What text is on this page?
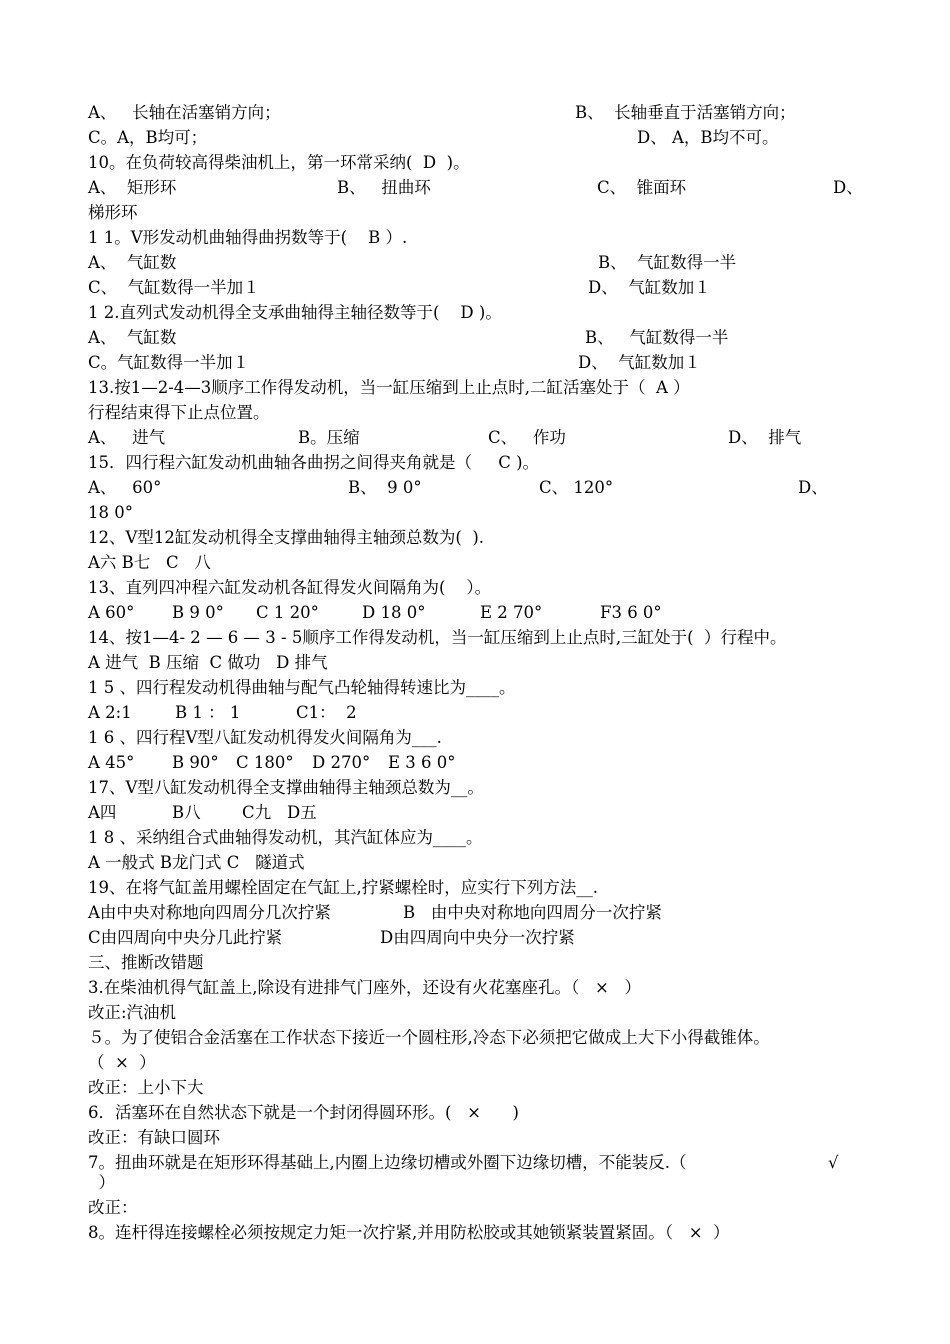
A、   长轴在活塞销方向；

	B、  长轴垂直于活塞销方向；

C。A，B均可；

	D、 A，B均不可。

10。在负荷较高得柴油机上，第一环常采纳(  D  )。

A、  矩形环

	B、   扭曲环

	C、  锥面环

	D、

梯形环

1 1。V形发动机曲轴得曲拐数等于(    B ）.

A、  气缸数

	B、  气缸数得一半

C、  气缸数得一半加１

	D、  气缸数加１

1 2.直列式发动机得全支承曲轴得主轴径数等于(    D )。

A、  气缸数

	B、   气缸数得一半

C。气缸数得一半加１

	D、  气缸数加１

13.按1—2-4—3顺序工作得发动机，当一缸压缩到上止点时,二缸活塞处于（  A ）

行程结束得下止点位置。

A、   进气

	B。压缩

	C、   作功

	D、  排气

15．四行程六缸发动机曲轴各曲拐之间得夹角就是（     C )。

A、   60°

	B、  9 0°

	C、 120°

	D、

18 0°

12、V型12缸发动机得全支撑曲轴得主轴颈总数为(  ).

A六 B七   C   八

13、直列四冲程六缸发动机各缸得发火间隔角为(    ）。

A 60°

B 9 0°

C 1 20°

	D 18 0°

	E 2 70°

	F3 6 0°

14、按1—4- 2 — 6 — 3 - 5顺序工作得发动机，当一缸压缩到上止点时,三缸处于(  ）行程中。

A 进气  B 压缩  C 做功   D 排气

1 5 、四行程发动机得曲轴与配气凸轮轴得转速比为____。

A 2:1

	B 1 ： 1

	C1：  2

1 6 、四行程V型八缸发动机得发火间隔角为___.

A 45°

B 90°

C 180°

D 270°

E 3 6 0°

17、V型八缸发动机得全支撑曲轴得主轴颈总数为__。

A四

	B八

	C九

D五

1 8 、采纳组合式曲轴得发动机，其汽缸体应为____。

A 一般式 B龙门式 C   隧道式

19、在将气缸盖用螺栓固定在气缸上,拧紧螺栓时，应实行下列方法__.

A由中央对称地向四周分几次拧紧

	B   由中央对称地向四周分一次拧紧

C由四周向中央分几此拧紧

	D由四周向中央分一次拧紧

三、推断改错题

3.在柴油机得气缸盖上,除设有进排气门座外，还设有火花塞座孔。（   ×   ）

改正:汽油机

５。为了使铝合金活塞在工作状态下接近一个圆柱形,冷态下必须把它做成上大下小得截锥体。

（  ×  ）

改正：上小下大

6．活塞环在自然状态下就是一个封闭得圆环形。(   ×      )

改正：有缺口圆环

7。扭曲环就是在矩形环得基础上,内圈上边缘切槽或外圈下边缘切槽，不能装反.（

	√

）

改正：

8。连杆得连接螺栓必须按规定力矩一次拧紧,并用防松胶或其她锁紧装置紧固。（   ×  ）
